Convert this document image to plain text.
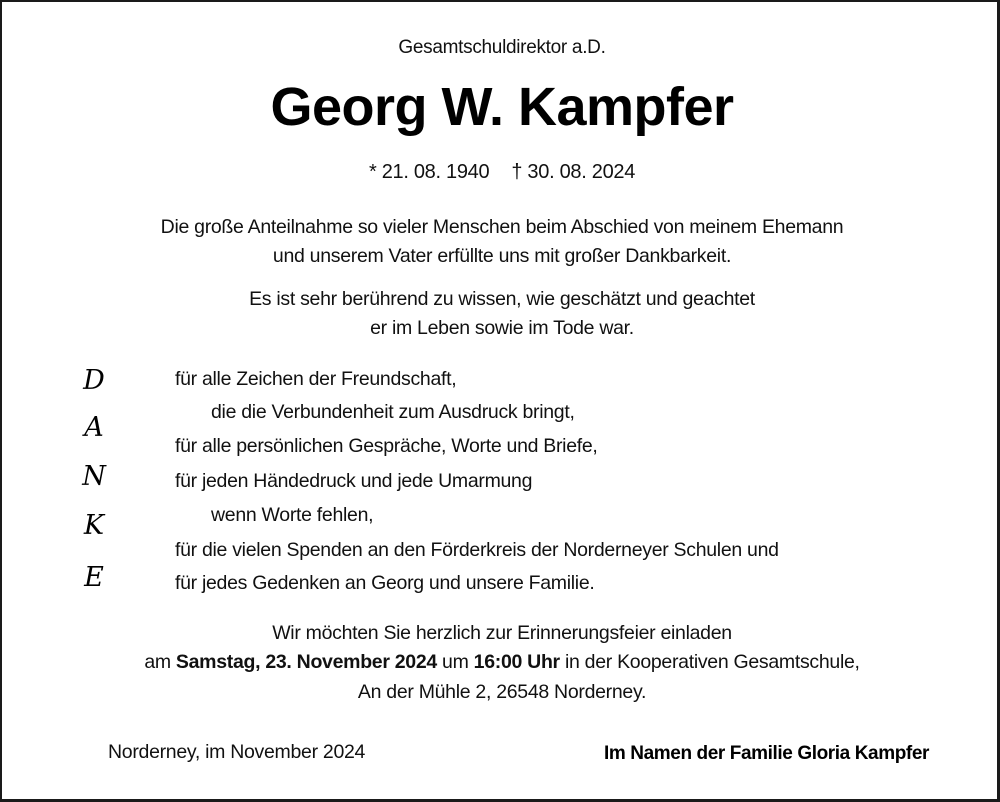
Gesamtschuldirektor a.D.
Georg W. Kampfer
* 21. 08. 1940 † 30. 08. 2024
Die große Anteilnahme so vieler Menschen beim Abschied von meinem Ehemann
und unserem Vater erfüllte uns mit großer Dankbarkeit.
Es ist sehr berührend zu wissen, wie geschätzt und geachtet
er im Leben sowie im Tode war.
D
A
N
K
E
für alle Zeichen der Freundschaft,
die die Verbundenheit zum Ausdruck bringt,
für alle persönlichen Gespräche, Worte und Briefe,
für jeden Händedruck und jede Umarmung
wenn Worte fehlen,
für die vielen Spenden an den Förderkreis der Norderneyer Schulen und
für jedes Gedenken an Georg und unsere Familie.
Wir möchten Sie herzlich zur Erinnerungsfeier einladen
am Samstag, 23. November 2024 um 16:00 Uhr in der Kooperativen Gesamtschule,
An der Mühle 2, 26548 Norderney.
Norderney, im November 2024	Im Namen der Familie Gloria Kampfer
